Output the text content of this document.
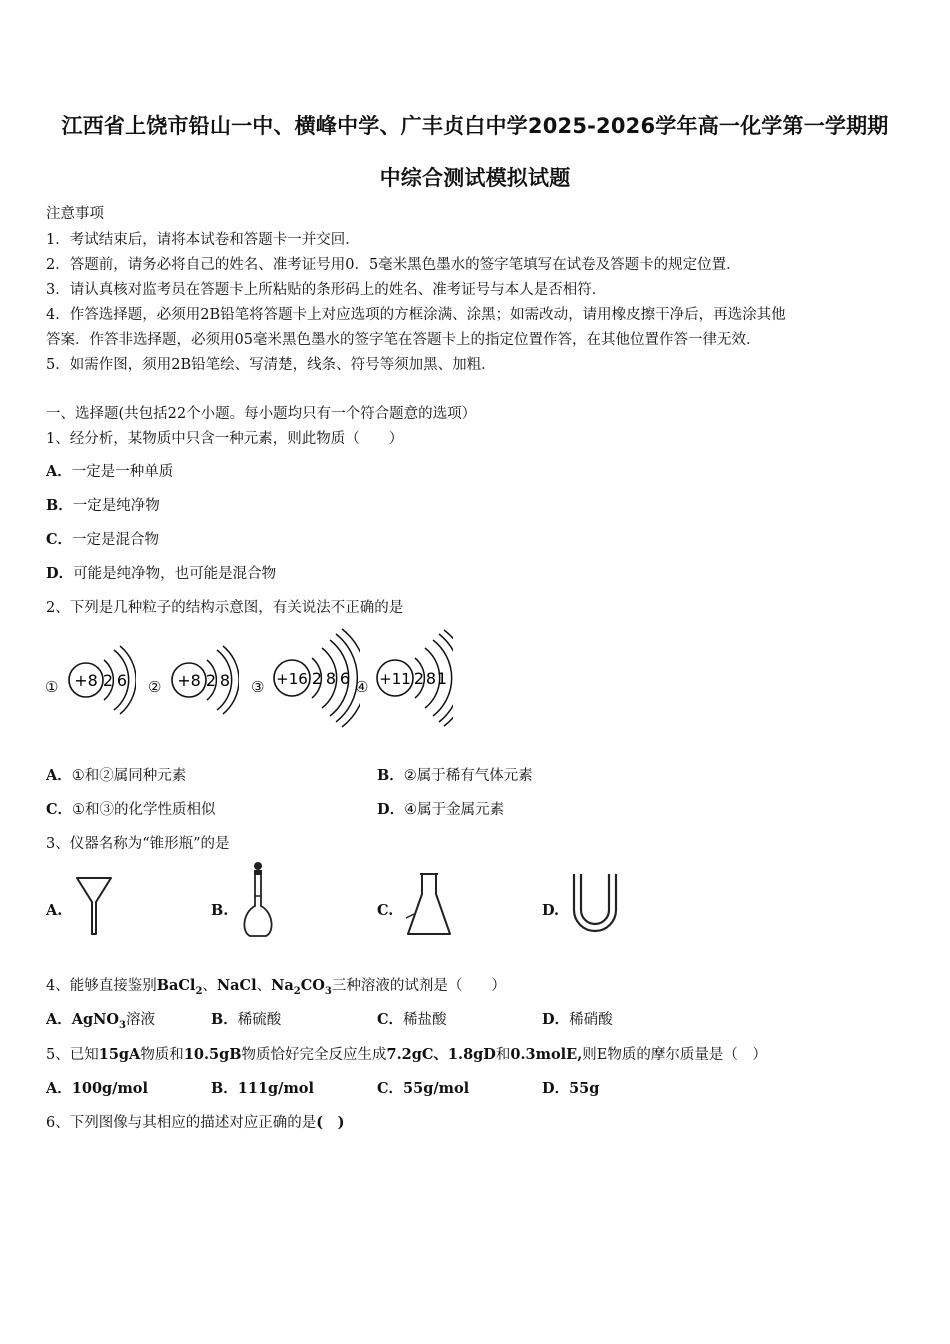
江西省上饶市铅山一中、横峰中学、广丰贞白中学2025-2026学年高一化学第一学期期
中综合测试模拟试题
注意事项
1．考试结束后，请将本试卷和答题卡一并交回．
2．答题前，请务必将自己的姓名、准考证号用0．5毫米黑色墨水的签字笔填写在试卷及答题卡的规定位置．
3．请认真核对监考员在答题卡上所粘贴的条形码上的姓名、准考证号与本人是否相符．
4．作答选择题，必须用2B铅笔将答题卡上对应选项的方框涂满、涂黑；如需改动，请用橡皮擦干净后，再选涂其他
答案．作答非选择题，必须用05毫米黑色墨水的签字笔在答题卡上的指定位置作答，在其他位置作答一律无效．
5．如需作图，须用2B铅笔绘、写清楚，线条、符号等须加黑、加粗．
一、选择题(共包括22个小题。每小题均只有一个符合题意的选项）
1、经分析，某物质中只含一种元素，则此物质（　　）
A．一定是一种单质
B．一定是纯净物
C．一定是混合物
D．可能是纯净物，也可能是混合物
2、下列是几种粒子的结构示意图，有关说法不正确的是
① +8 2 6 ② +8 2 8 ③ +16 2 8 6 ④ +11 2 8 1
A．①和②属同种元素	B．②属于稀有气体元素
C．①和③的化学性质相似	D．④属于金属元素
3、仪器名称为“锥形瓶”的是
A.	B.	C.	D.
4、能够直接鉴别BaCl$_2$、NaCl、$Na_2CO_3$三种溶液的试剂是（　　）
A．AgNO$_3$溶液	B．稀硫酸	C．稀盐酸	D．稀硝酸
5、已知15gA物质和10.5gB物质恰好完全反应生成7.2gC、1.8gD和0.3molE,则E物质的摩尔质量是（　）
A．100g/mol	B．111g/mol	C．55g/mol	D．55g
6、下列图像与其相应的描述对应正确的是(　)
